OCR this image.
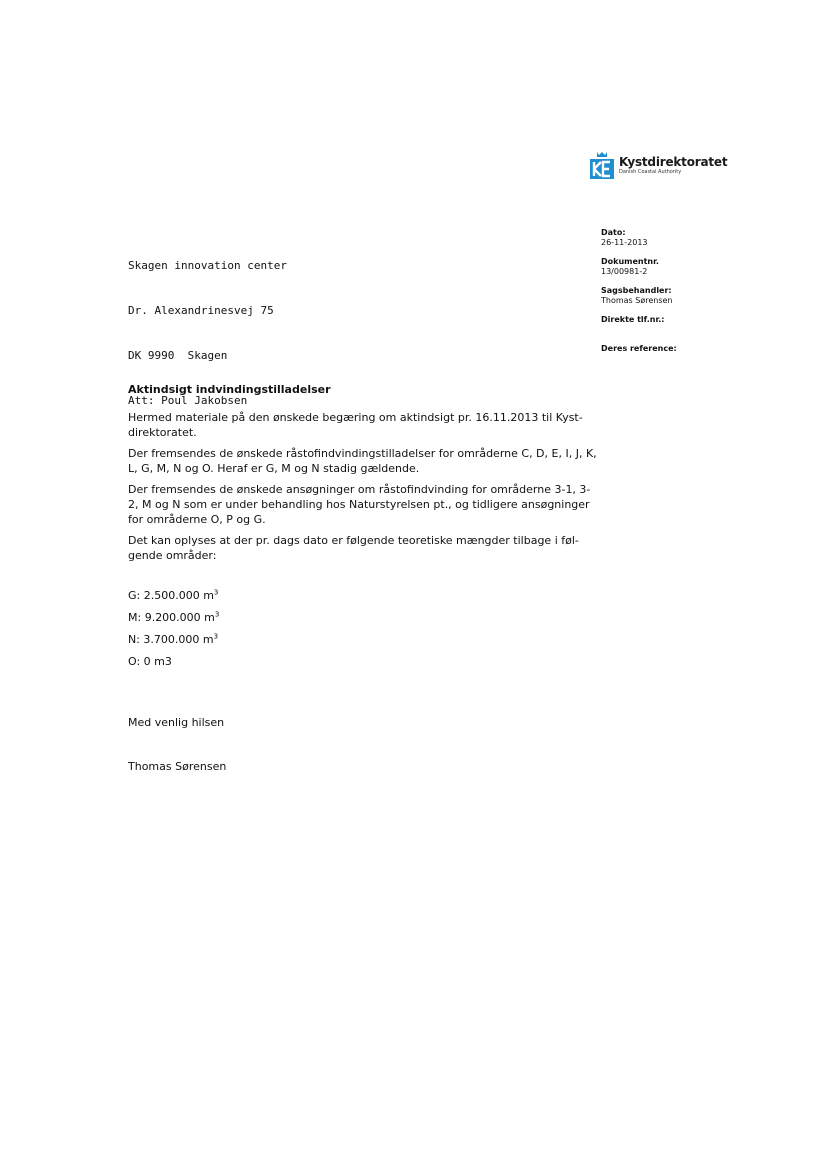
Kystdirektoratet
Danish Coastal Authority

Skagen innovation center

Dr. Alexandrinesvej 75

DK 9990  Skagen

Att: Poul Jakobsen

Dato:
26-11-2013
Dokumentnr.
13/00981-2
Sagsbehandler:
Thomas Sørensen
Direkte tlf.nr.:
Deres reference:
Aktindsigt indvindingstilladelser

Hermed materiale på den ønskede begæring om aktindsigt pr. 16.11.2013 til Kyst-direktoratet.

Der fremsendes de ønskede råstofindvindingstilladelser for områderne C, D, E, I, J, K, L, G, M, N og O. Heraf er G, M og N stadig gældende.

Der fremsendes de ønskede ansøgninger om råstofindvinding for områderne 3-1, 3-2, M og N som er under behandling hos Naturstyrelsen pt., og tidligere ansøgninger for områderne O, P og G.

Det kan oplyses at der pr. dags dato er følgende teoretiske mængder tilbage i føl-gende områder:

G: 2.500.000 $m^3$
M: 9.200.000 $m^3$
N: 3.700.000 $m^3$
O: 0 m3
Med venlig hilsen
Thomas Sørensen
